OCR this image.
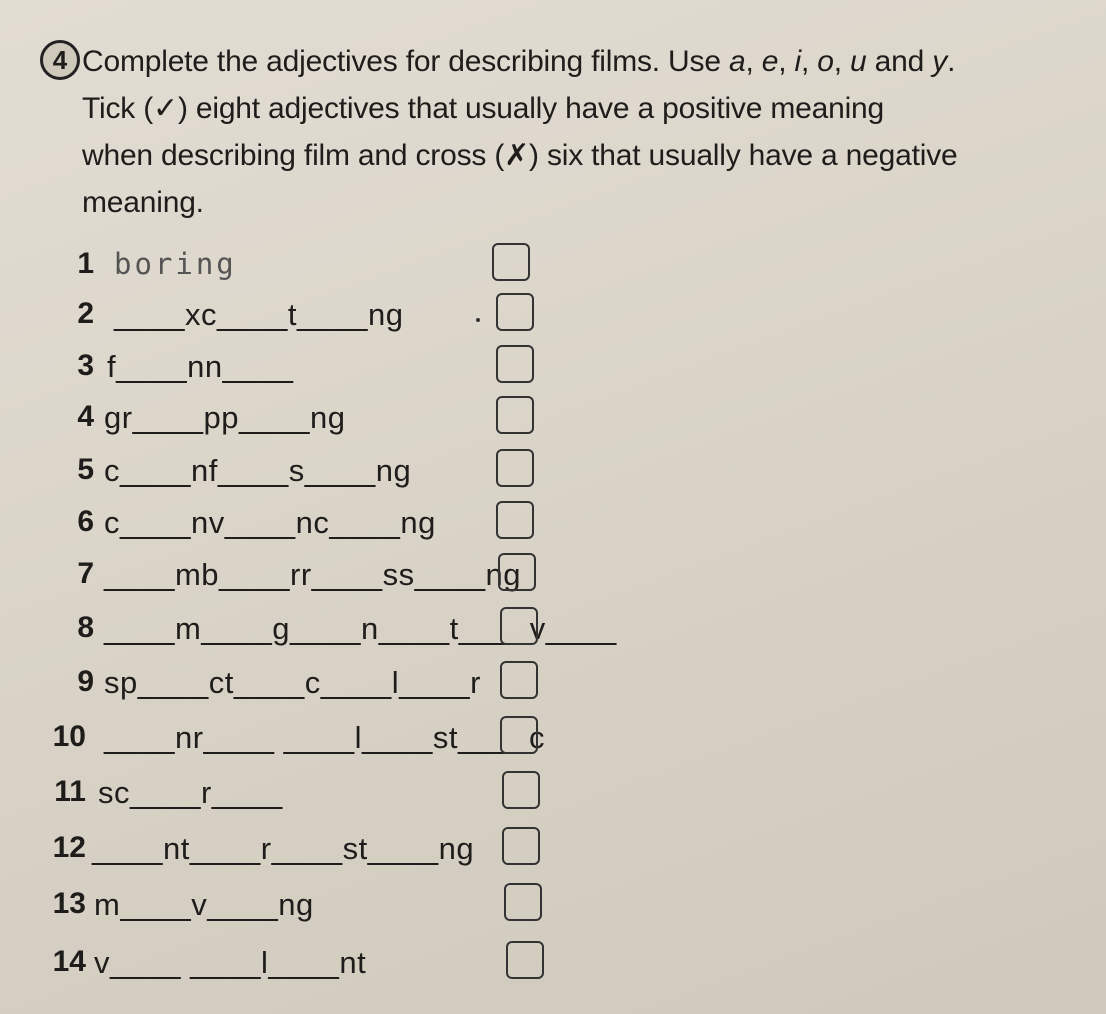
4 Complete the adjectives for describing films. Use a, e, i, o, u and y.
Tick (✓) eight adjectives that usually have a positive meaning
when describing film and cross (✗) six that usually have a negative
meaning.
1 boring
2 ____xc____t____ng
3 f____nn____
4 gr____pp____ng
5 c____nf____s____ng
6 c____nv____nc____ng
7 ____mb____rr____ss____ng
8 ____m____g____n____t____v____
9 sp____ct____c____l____r
10 ____nr____ ____l____st____c
11 sc____r____
12 ____nt____r____st____ng
13 m____v____ng
14 v____ ____l____nt
